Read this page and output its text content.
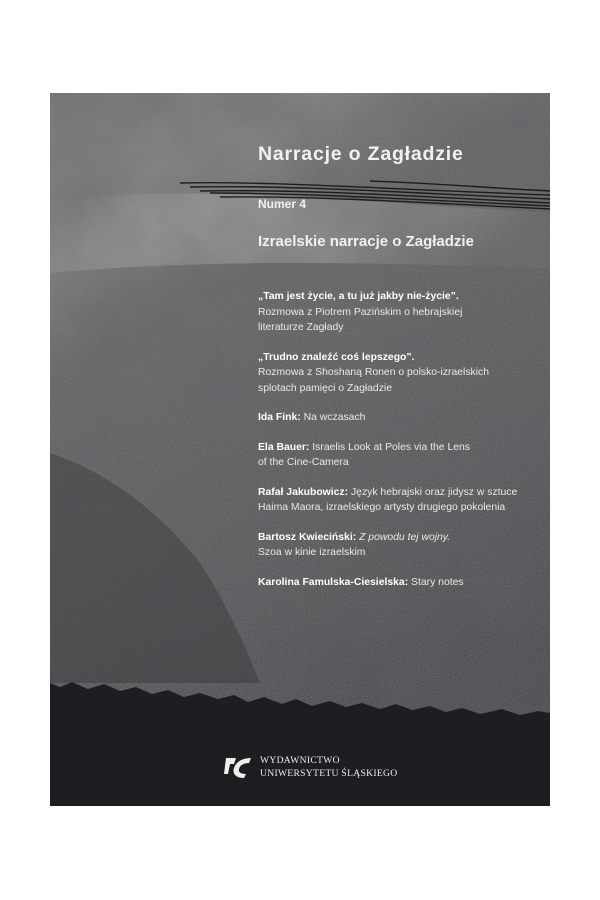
Narracje o Zagładzie
Numer 4
Izraelskie narracje o Zagładzie
„Tam jest życie, a tu już jakby nie-życie”.
Rozmowa z Piotrem Pazińskim o hebrajskiej
literaturze Zagłady
„Trudno znaleźć coś lepszego”.
Rozmowa z Shoshaną Ronen o polsko-izraelskich
splotach pamięci o Zagładzie
Ida Fink: Na wczasach
Ela Bauer: Israelis Look at Poles via the Lens
of the Cine-Camera
Rafał Jakubowicz: Język hebrajski oraz jidysz w sztuce
Haima Maora, izraelskiego artysty drugiego pokolenia
Bartosz Kwieciński: Z powodu tej wojny.
Szoa w kinie izraelskim
Karolina Famulska-Ciesielska: Stary notes
WYDAWNICTWO
UNIWERSYTETU ŚLĄSKIEGO
